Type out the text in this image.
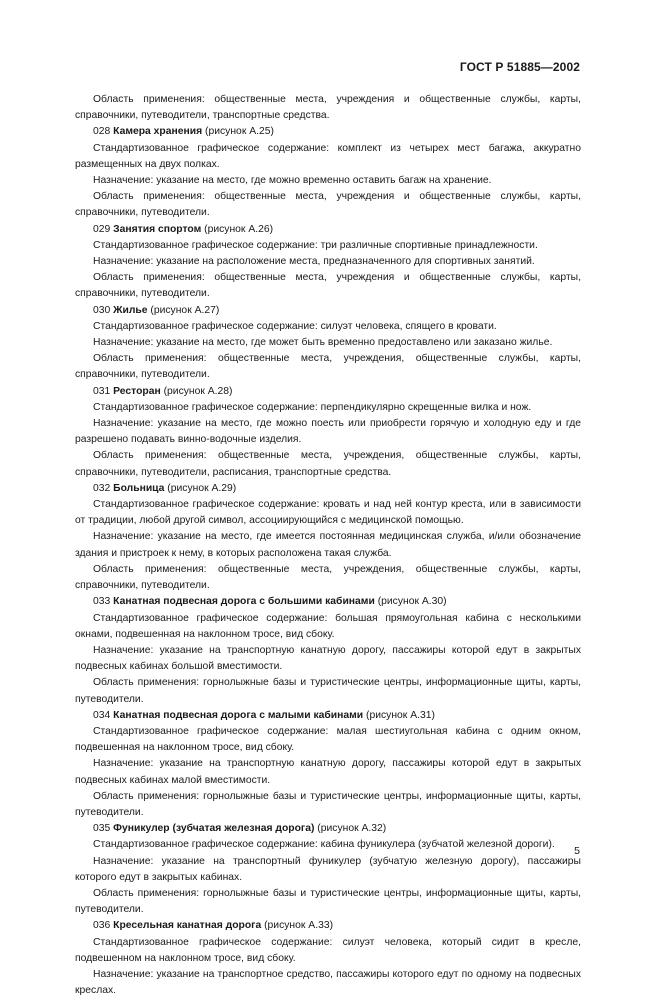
ГОСТ Р 51885—2002

Область применения: общественные места, учреждения и общественные службы, карты, справочники, путеводители, транспортные средства.

028 Камера хранения (рисунок А.25)

Стандартизованное графическое содержание: комплект из четырех мест багажа, аккуратно размещенных на двух полках.

Назначение: указание на место, где можно временно оставить багаж на хранение.

Область применения: общественные места, учреждения и общественные службы, карты, справочники, путеводители.

029 Занятия спортом (рисунок А.26)

Стандартизованное графическое содержание: три различные спортивные принадлежности.

Назначение: указание на расположение места, предназначенного для спортивных занятий.

Область применения: общественные места, учреждения и общественные службы, карты, справочники, путеводители.

030 Жилье (рисунок А.27)

Стандартизованное графическое содержание: силуэт человека, спящего в кровати.

Назначение: указание на место, где может быть временно предоставлено или заказано жилье.

Область применения: общественные места, учреждения, общественные службы, карты, справочники, путеводители.

031 Ресторан (рисунок А.28)

Стандартизованное графическое содержание: перпендикулярно скрещенные вилка и нож.

Назначение: указание на место, где можно поесть или приобрести горячую и холодную еду и где разрешено подавать винно-водочные изделия.

Область применения: общественные места, учреждения, общественные службы, карты, справочники, путеводители, расписания, транспортные средства.

032 Больница (рисунок А.29)

Стандартизованное графическое содержание: кровать и над ней контур креста, или в зависимости от традиции, любой другой символ, ассоциирующийся с медицинской помощью.

Назначение: указание на место, где имеется постоянная медицинская служба, и/или обозначение здания и пристроек к нему, в которых расположена такая служба.

Область применения: общественные места, учреждения, общественные службы, карты, справочники, путеводители.

033 Канатная подвесная дорога с большими кабинами (рисунок А.30)

Стандартизованное графическое содержание: большая прямоугольная кабина с несколькими окнами, подвешенная на наклонном тросе, вид сбоку.

Назначение: указание на транспортную канатную дорогу, пассажиры которой едут в закрытых подвесных кабинах большой вместимости.

Область применения: горнолыжные базы и туристические центры, информационные щиты, карты, путеводители.

034 Канатная подвесная дорога с малыми кабинами (рисунок А.31)

Стандартизованное графическое содержание: малая шестиугольная кабина с одним окном, подвешенная на наклонном тросе, вид сбоку.

Назначение: указание на транспортную канатную дорогу, пассажиры которой едут в закрытых подвесных кабинах малой вместимости.

Область применения: горнолыжные базы и туристические центры, информационные щиты, карты, путеводители.

035 Фуникулер (зубчатая железная дорога) (рисунок А.32)

Стандартизованное графическое содержание: кабина фуникулера (зубчатой железной дороги).

Назначение: указание на транспортный фуникулер (зубчатую железную дорогу), пассажиры которого едут в закрытых кабинах.

Область применения: горнолыжные базы и туристические центры, информационные щиты, карты, путеводители.

036 Кресельная канатная дорога (рисунок А.33)

Стандартизованное графическое содержание: силуэт человека, который сидит в кресле, подвешенном на наклонном тросе, вид сбоку.

Назначение: указание на транспортное средство, пассажиры которого едут по одному на подвесных креслах.

5
